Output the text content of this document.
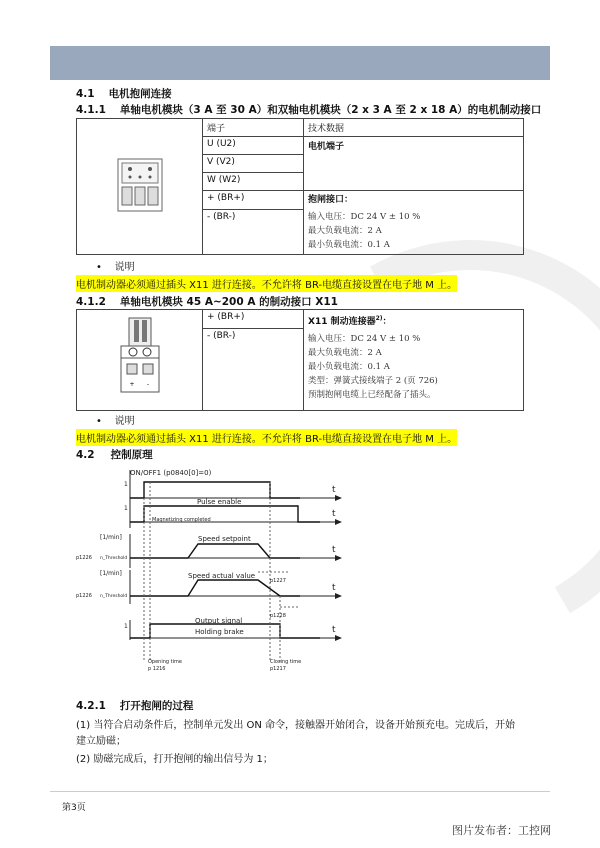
4.1 电机抱闸连接
4.1.1 单轴电机模块（3 A 至 30 A）和双轴电机模块（2 x 3 A 至 2 x 18 A）的电机制动接口
	端子	技术数据
	U (U2)	电机端子
	V (V2)	
	W (W2)	
	+ (BR+)	抱闸接口：
输入电压：DC 24 V ± 10 %
最大负载电流：2 A
最小负载电流：0.1 A

	- (BR-)	
•    说明
电机制动器必须通过插头 X11 进行连接。不允许将 BR-电缆直接设置在电子地 M 上。
4.1.2 单轴电机模块 45 A~200 A 的制动接口 X11
+ -
	+ (BR+)	X11 制动连接器$^{2)}$：
输入电压：DC 24 V ± 10 %
最大负载电流：2 A
最小负载电流：0.1 A
类型：弹簧式接线端子 2 (页 726)
预制抱闸电缆上已经配备了插头。

- (BR-)
•    说明
电机制动器必须通过插头 X11 进行连接。不允许将 BR-电缆直接设置在电子地 M 上。
4.2 控制原理
ON/OFF1 (p0840[0]=0)
1
1
1
Pulse enable
Magnetizing completed
Speed setpoint
Speed actual value
[1/min]
[1/min]
p1226
p1226
n_Threshold
n_Threshold
p1227
p1228
Output signal
Holding brake
Opening time
p 1216
Closing time
p1217
t
t
t
t
t
4.2.1 打开抱闸的过程
(1) 当符合启动条件后，控制单元发出 ON 命令，接触器开始闭合，设备开始预充电。完成后，开始
建立励磁；
(2) 励磁完成后，打开抱闸的输出信号为 1；
第3页
图片发布者：工控网
